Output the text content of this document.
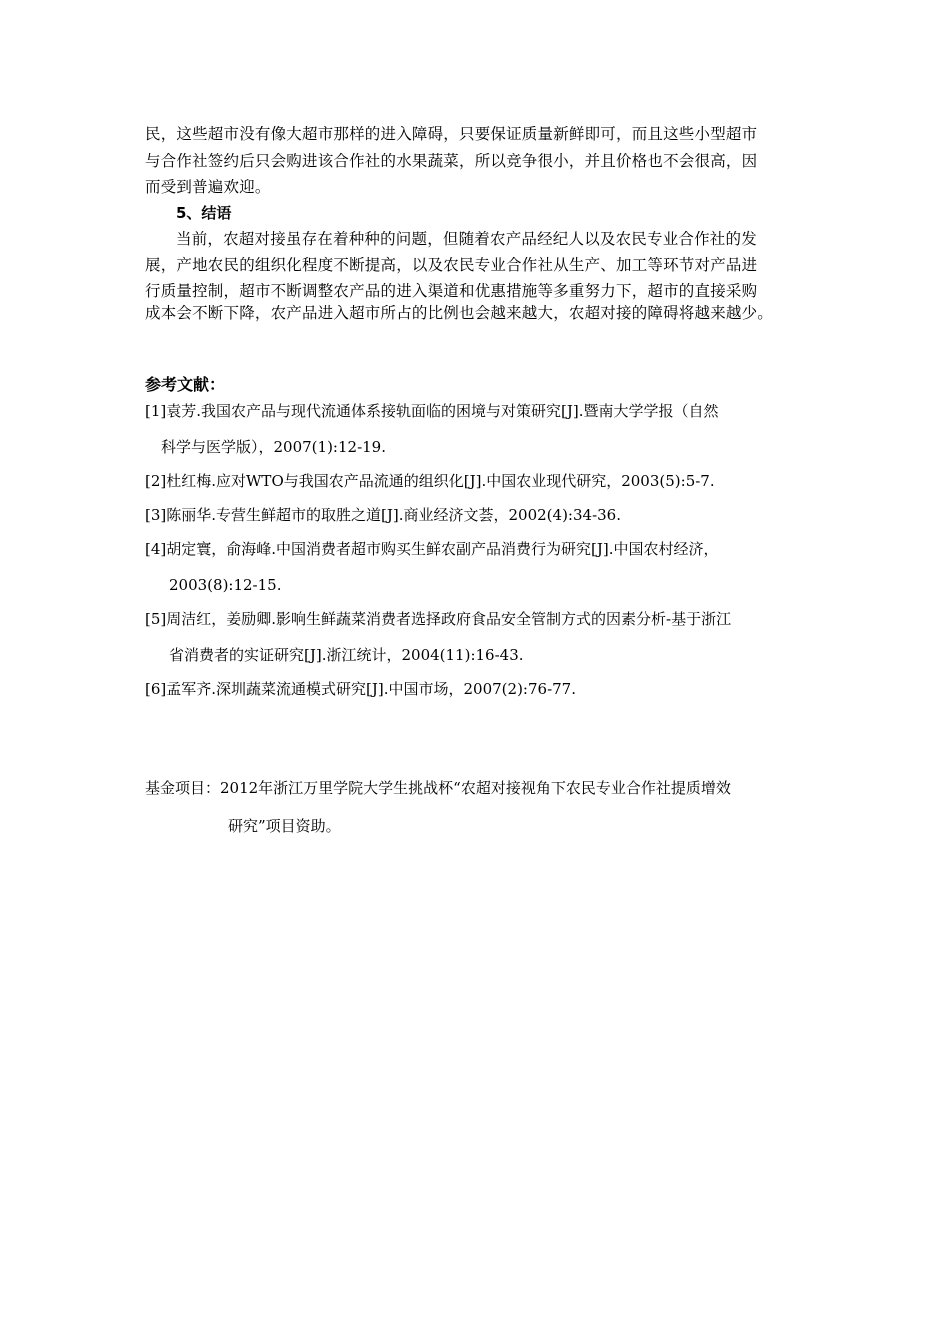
民，这些超市没有像大超市那样的进入障碍，只要保证质量新鲜即可，而且这些小型超市
与合作社签约后只会购进该合作社的水果蔬菜，所以竞争很小，并且价格也不会很高，因
而受到普遍欢迎。
5、结语
当前，农超对接虽存在着种种的问题，但随着农产品经纪人以及农民专业合作社的发
展，产地农民的组织化程度不断提高，以及农民专业合作社从生产、加工等环节对产品进
行质量控制，超市不断调整农产品的进入渠道和优惠措施等多重努力下，超市的直接采购
成本会不断下降，农产品进入超市所占的比例也会越来越大，农超对接的障碍将越来越少。
参考文献：
[1]袁芳.我国农产品与现代流通体系接轨面临的困境与对策研究[J].暨南大学学报（自然
科学与医学版），2007(1):12-19.
[2]杜红梅.应对WTO与我国农产品流通的组织化[J].中国农业现代研究，2003(5):5-7.
[3]陈丽华.专营生鲜超市的取胜之道[J].商业经济文荟，2002(4):34-36.
[4]胡定寰，俞海峰.中国消费者超市购买生鲜农副产品消费行为研究[J].中国农村经济，
2003(8):12-15.
[5]周洁红，姜励卿.影响生鲜蔬菜消费者选择政府食品安全管制方式的因素分析-基于浙江
省消费者的实证研究[J].浙江统计，2004(11):16-43.
[6]孟军齐.深圳蔬菜流通模式研究[J].中国市场，2007(2):76-77.
基金项目：2012年浙江万里学院大学生挑战杯“农超对接视角下农民专业合作社提质增效
研究”项目资助。
